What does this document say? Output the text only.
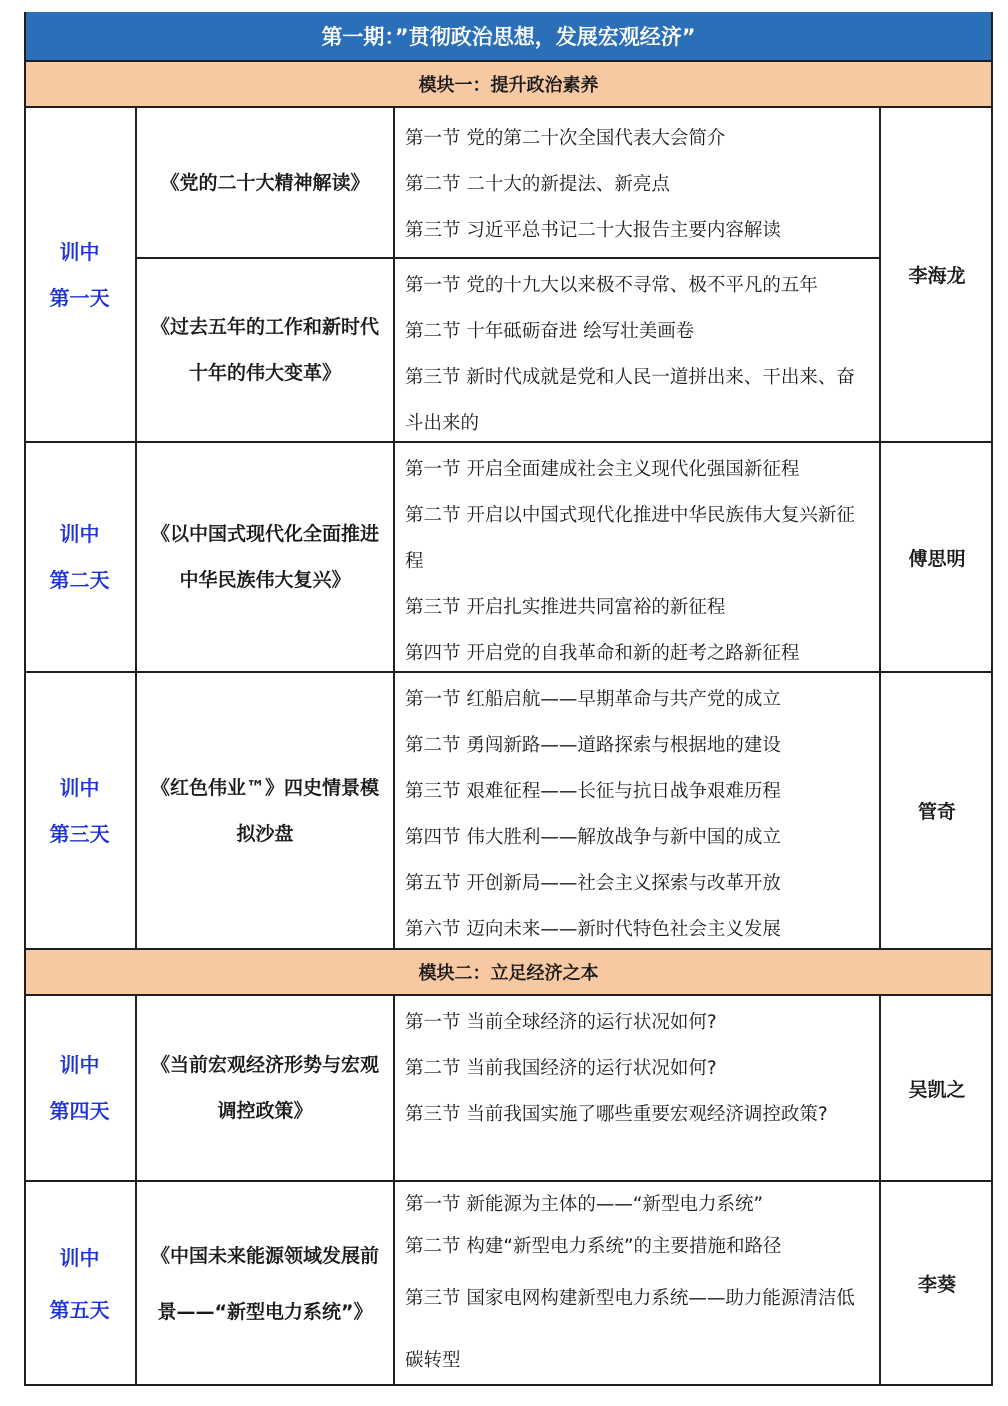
第一期：”贯彻政治思想，发展宏观经济”
模块一：提升政治素养
训中
第一天
《党的二十大精神解读》
第一节 党的第二十次全国代表大会简介
第二节 二十大的新提法、新亮点
第三节 习近平总书记二十大报告主要内容解读
《过去五年的工作和新时代十年的伟大变革》
第一节 党的十九大以来极不寻常、极不平凡的五年
第二节 十年砥砺奋进 绘写壮美画卷
第三节 新时代成就是党和人民一道拼出来、干出来、奋斗出来的
李海龙
训中
第二天
《以中国式现代化全面推进中华民族伟大复兴》
第一节 开启全面建成社会主义现代化强国新征程
第二节 开启以中国式现代化推进中华民族伟大复兴新征程
第三节 开启扎实推进共同富裕的新征程
第四节 开启党的自我革命和新的赶考之路新征程
傅思明
训中
第三天
《红色伟业™》四史情景模拟沙盘
第一节 红船启航——早期革命与共产党的成立
第二节 勇闯新路——道路探索与根据地的建设
第三节 艰难征程——长征与抗日战争艰难历程
第四节 伟大胜利——解放战争与新中国的成立
第五节 开创新局——社会主义探索与改革开放
第六节 迈向未来——新时代特色社会主义发展
管奇
模块二：立足经济之本
训中
第四天
《当前宏观经济形势与宏观调控政策》
第一节 当前全球经济的运行状况如何?
第二节 当前我国经济的运行状况如何?
第三节 当前我国实施了哪些重要宏观经济调控政策?
吴凯之
训中
第五天
《中国未来能源领域发展前景——“新型电力系统”》
第一节 新能源为主体的——“新型电力系统”
第二节 构建“新型电力系统”的主要措施和路径
第三节 国家电网构建新型电力系统——助力能源清洁低碳转型
李葵
